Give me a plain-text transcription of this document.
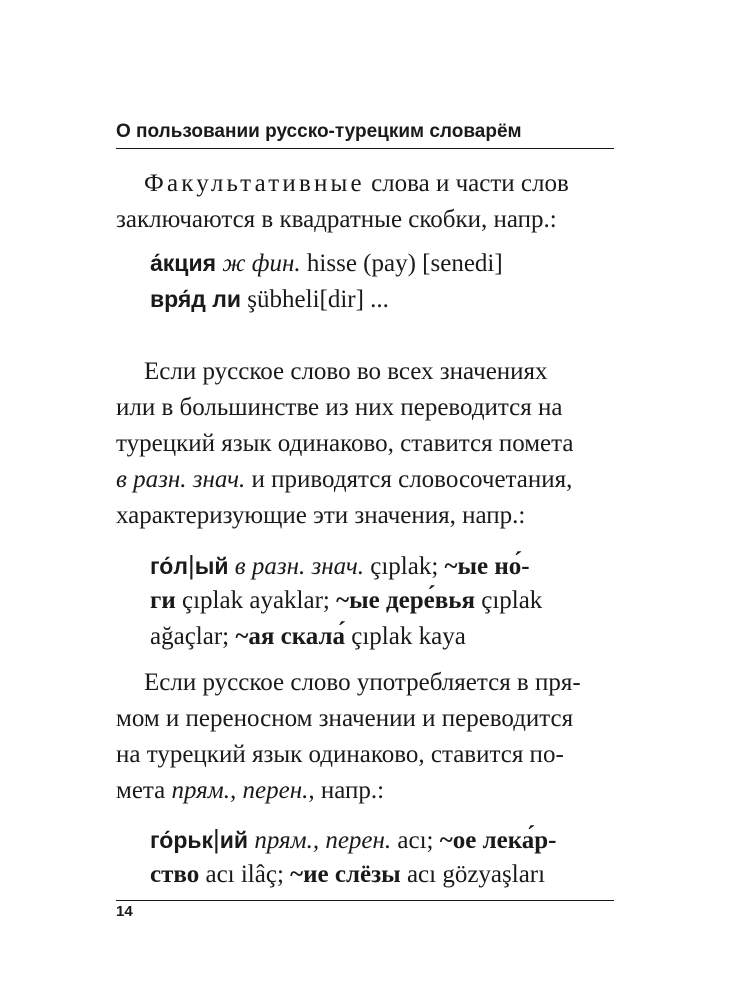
О пользовании русско-турецким словарём
Факультативные слова и части слов
заключаются в квадратные скобки, напр.:
а́кция ж фин. hisse (pay) [senedi]
вря́д ли şübheli[dir] ...
Если русское слово во всех значениях
или в большинстве из них переводится на
турецкий язык одинаково, ставится помета
в разн. знач. и приводятся словосочетания,
характеризующие эти значения, напр.:
го́л|ый в разн. знач. çıplak; ~ые но́-
ги çıplak ayaklar; ~ые дере́вья çıplak
ağaçlar; ~ая скала́ çıplak kaya
Если русское слово употребляется в пря-
мом и переносном значении и переводится
на турецкий язык одинаково, ставится по-
мета прям., перен., напр.:
го́рьк|ий прям., перен. acı; ~ое лека́р-
ство acı ilâç; ~ие слёзы acı gözyaşları
14
